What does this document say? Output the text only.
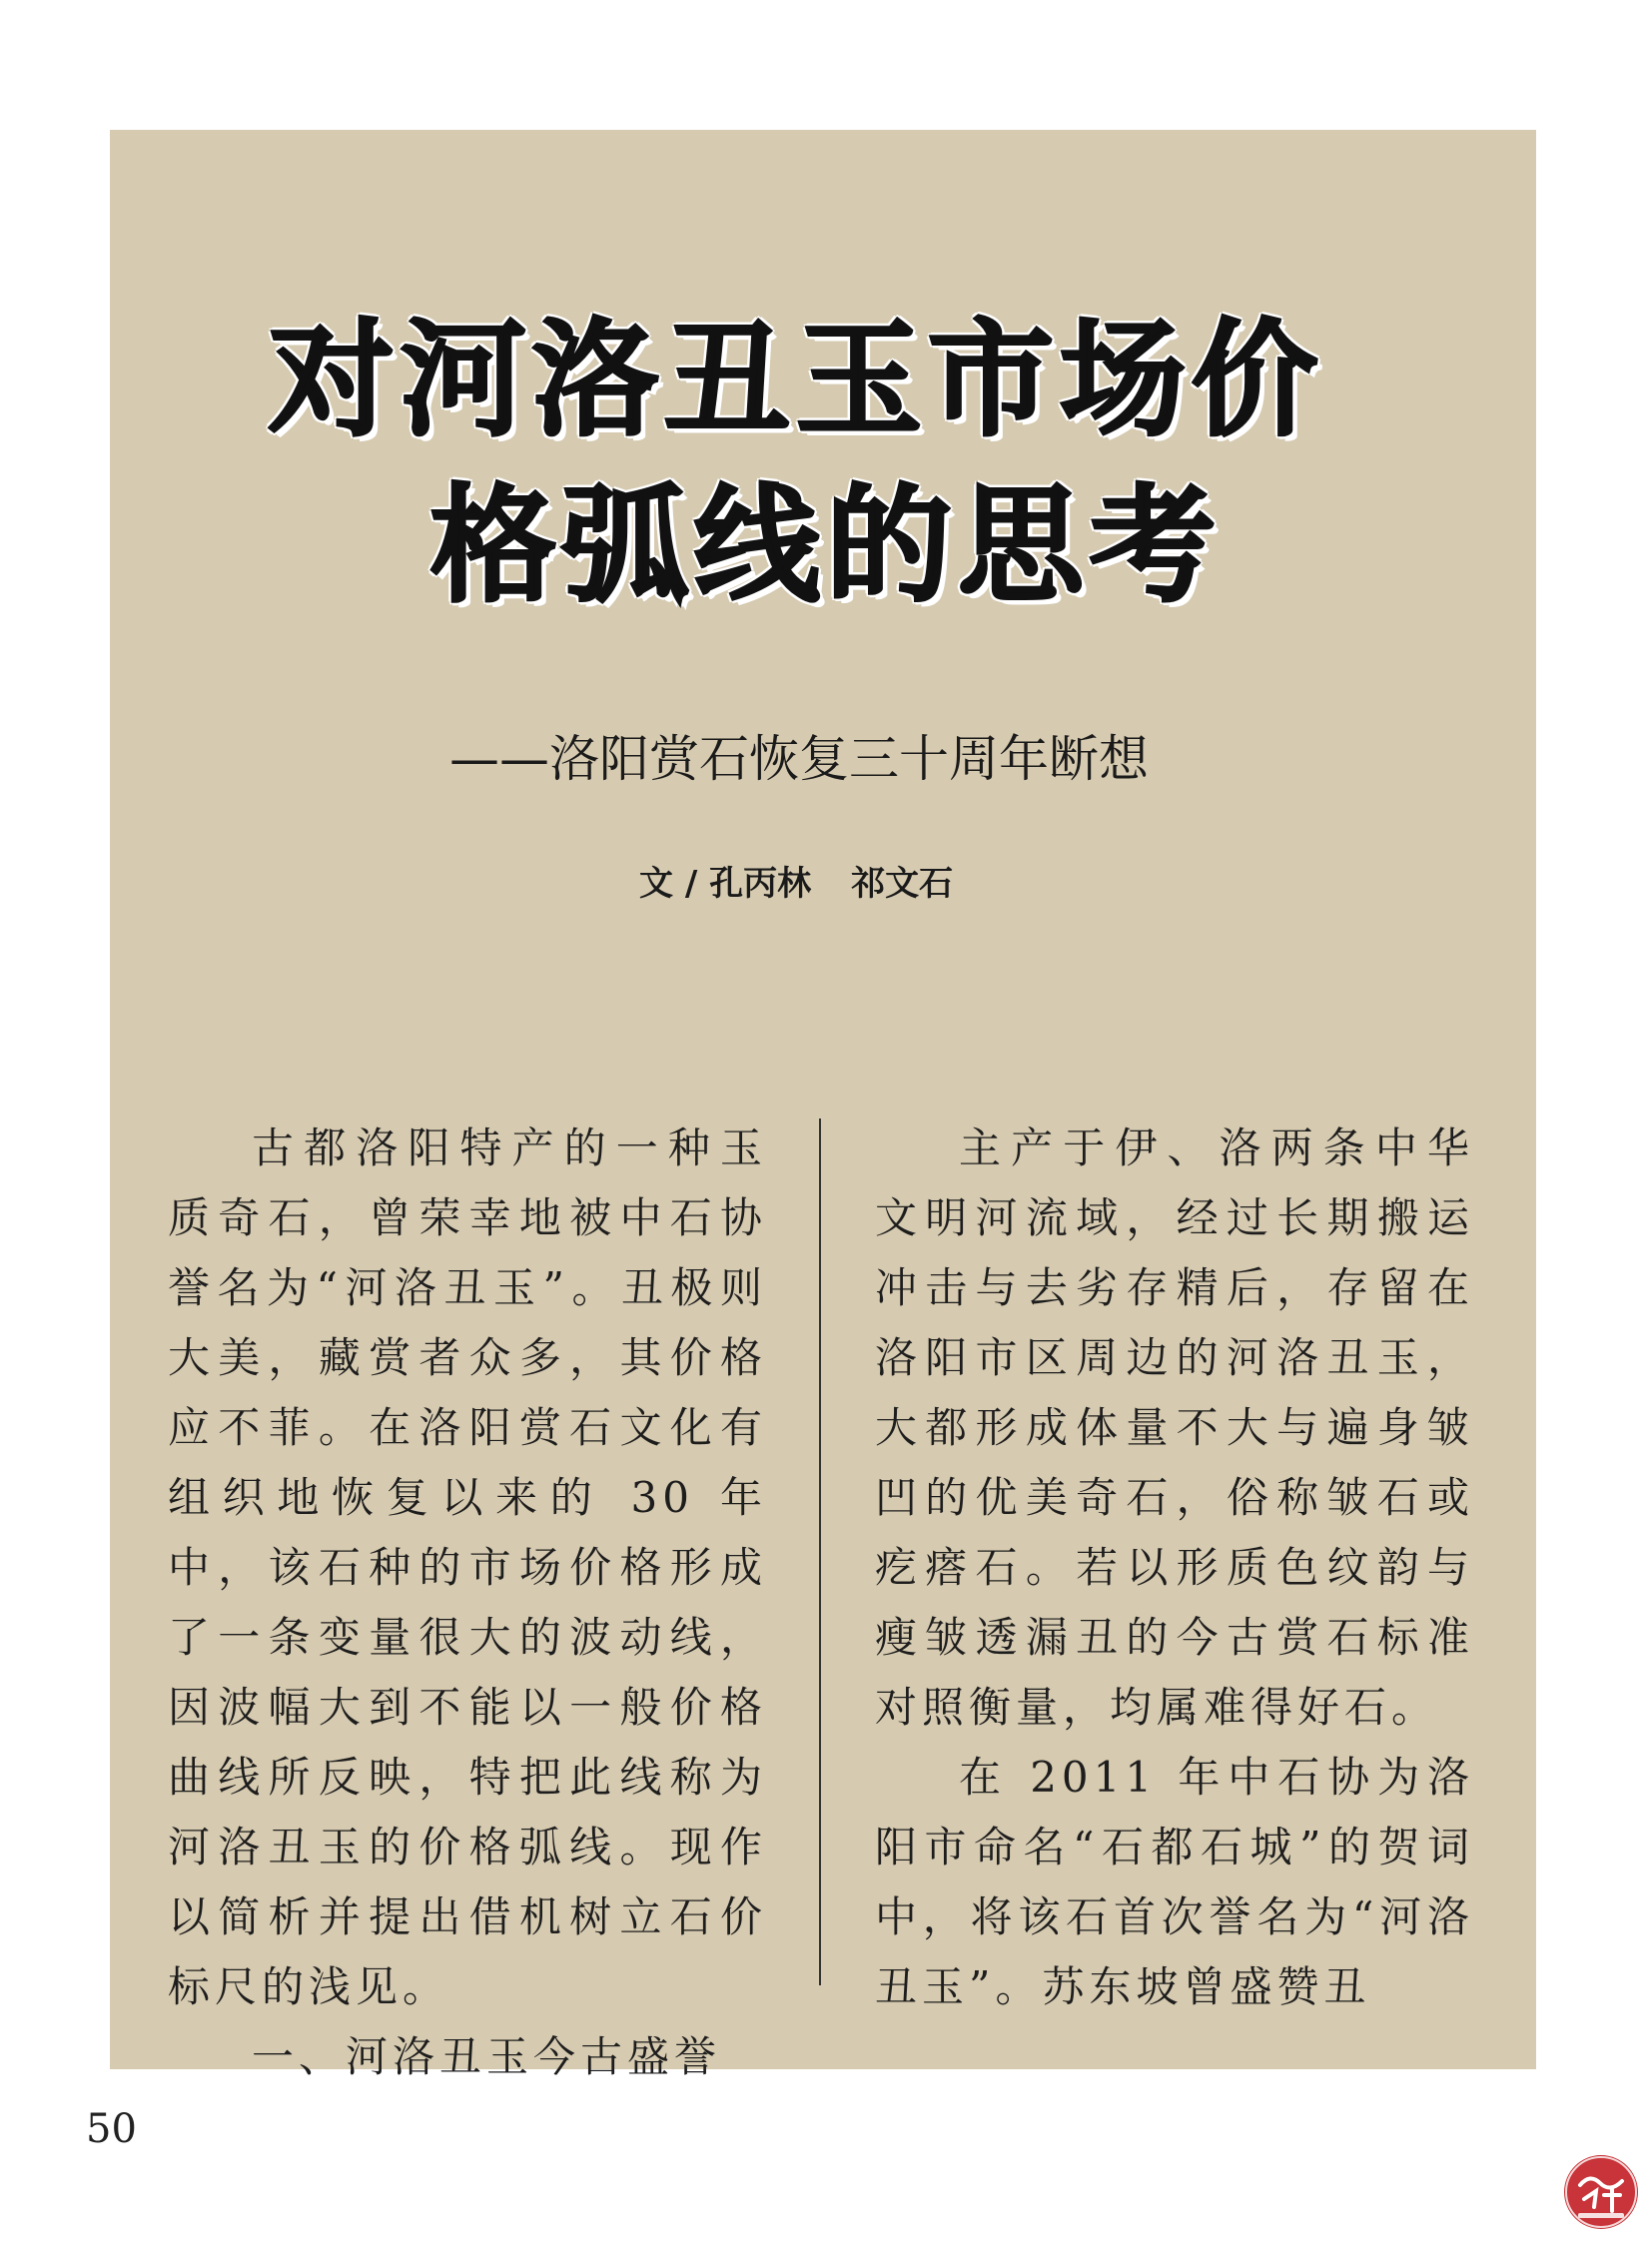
对河洛丑玉市场价
格弧线的思考
——洛阳赏石恢复三十周年断想
文 / 孔丙林 祁文石

古都洛阳特产的一种玉质奇石，曾荣幸地被中石协誉名为“河洛丑玉”。丑极则大美，藏赏者众多，其价格应不菲。在洛阳赏石文化有组织地恢复以来的 30 年中，该石种的市场价格形成了一条变量很大的波动线，因波幅大到不能以一般价格曲线所反映，特把此线称为河洛丑玉的价格弧线。现作以简析并提出借机树立石价标尺的浅见。

一、河洛丑玉今古盛誉

主产于伊、洛两条中华文明河流域，经过长期搬运冲击与去劣存精后，存留在洛阳市区周边的河洛丑玉，大都形成体量不大与遍身皱凹的优美奇石，俗称皱石或疙瘩石。若以形质色纹韵与瘦皱透漏丑的今古赏石标准对照衡量，均属难得好石。

在 2011 年中石协为洛阳市命名“石都石城”的贺词中，将该石首次誉名为“河洛丑玉”。苏东坡曾盛赞丑

50
